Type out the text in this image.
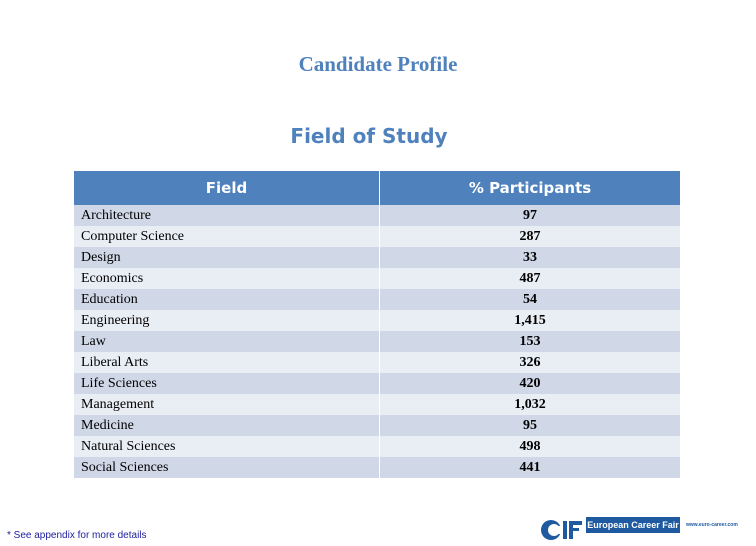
Candidate Profile
Field of Study
Field	% Participants
Architecture	97
Computer Science	287
Design	33
Economics	487
Education	54
Engineering	1,415
Law	153
Liberal Arts	326
Life Sciences	420
Management	1,032
Medicine	95
Natural Sciences	498
Social Sciences	441
* See appendix for more details
European Career Fair www.euro-career.com
